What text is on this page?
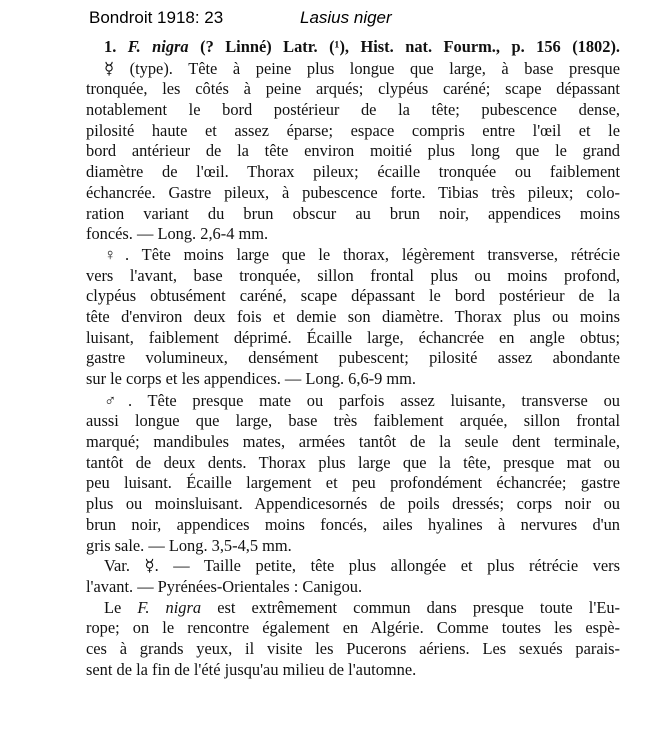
Bondroit 1918: 23	Lasius niger
1. F. nigra (? Linné) Latr. (¹), Hist. nat. Fourm., p. 156 (1802).
☿ (type). Tête à peine plus longue que large, à base presque
tronquée, les côtés à peine arqués; clypéus caréné; scape dépassant
notablement le bord postérieur de la tête; pubescence dense,
pilosité haute et assez éparse; espace compris entre l'œil et le
bord antérieur de la tête environ moitié plus long que le grand
diamètre de l'œil. Thorax pileux; écaille tronquée ou faiblement
échancrée. Gastre pileux, à pubescence forte. Tibias très pileux; colo-
ration variant du brun obscur au brun noir, appendices moins
foncés. — Long. 2,6-4 mm.
♀. Tête moins large que le thorax, légèrement transverse, rétrécie
vers l'avant, base tronquée, sillon frontal plus ou moins profond,
clypéus obtusément caréné, scape dépassant le bord postérieur de la
tête d'environ deux fois et demie son diamètre. Thorax plus ou moins
luisant, faiblement déprimé. Écaille large, échancrée en angle obtus;
gastre volumineux, densément pubescent; pilosité assez abondante
sur le corps et les appendices. — Long. 6,6-9 mm.
♂. Tête presque mate ou parfois assez luisante, transverse ou
aussi longue que large, base très faiblement arquée, sillon frontal
marqué; mandibules mates, armées tantôt de la seule dent terminale,
tantôt de deux dents. Thorax plus large que la tête, presque mat ou
peu luisant. Écaille largement et peu profondément échancrée; gastre
plus ou moinsluisant. Appendicesornés de poils dressés; corps noir ou
brun noir, appendices moins foncés, ailes hyalines à nervures d'un
gris sale. — Long. 3,5-4,5 mm.
Var. ☿. — Taille petite, tête plus allongée et plus rétrécie vers
l'avant. — Pyrénées-Orientales : Canigou.
Le F. nigra est extrêmement commun dans presque toute l'Eu-
rope; on le rencontre également en Algérie. Comme toutes les espè-
ces à grands yeux, il visite les Pucerons aériens. Les sexués parais-
sent de la fin de l'été jusqu'au milieu de l'automne.
